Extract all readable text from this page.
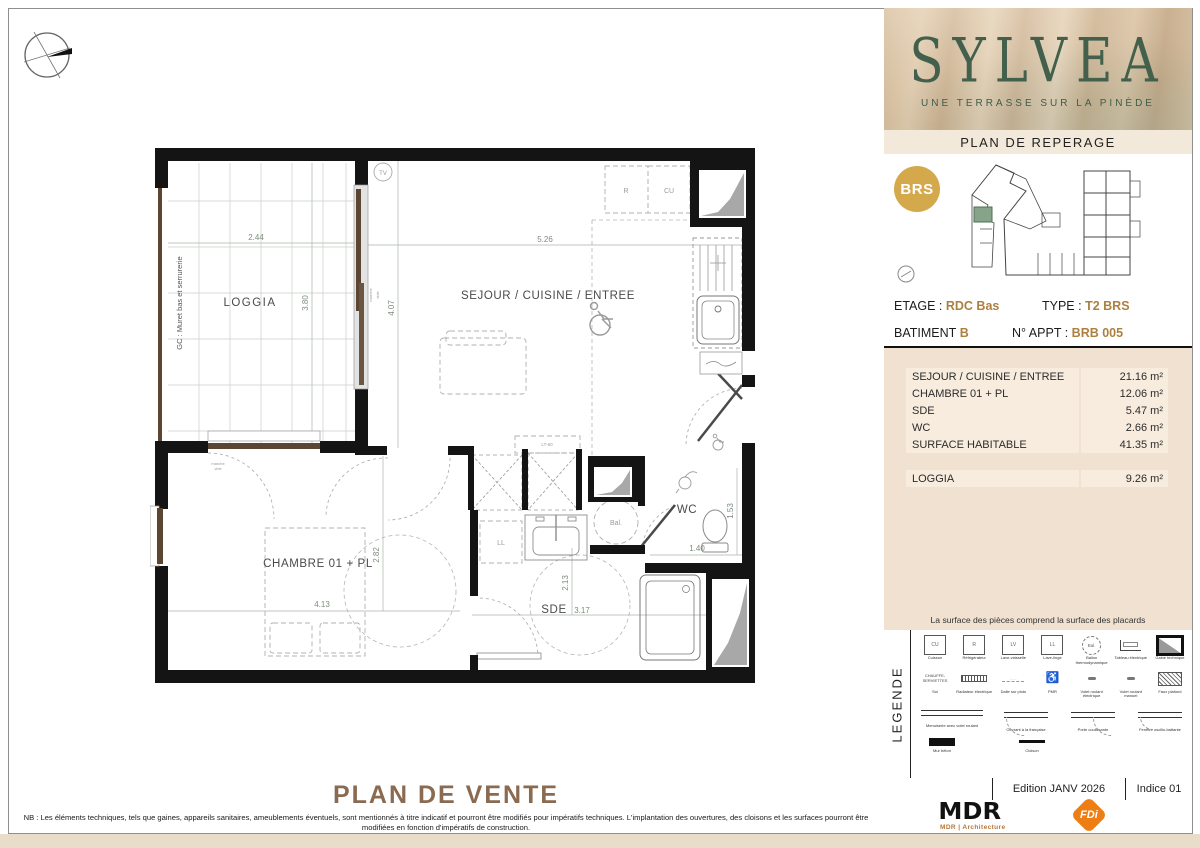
TV
LOGGIA
SEJOUR / CUISINE / ENTREE
CHAMBRE 01 + PL
SDE
WC
2.44
3.80
5.26
4.07
4.13
2.82
2.13
3.17
1.53
1.40
GC : Muret bas et serrurerie
R	CU
LL
Bal.
LT-60
marche vide
marche
vide
SYLVEA
UNE TERRASSE SUR LA PINÈDE
PLAN DE REPERAGE
BRS
ETAGE : RDC Bas	TYPE : T2 BRS
BATIMENT B	N° APPT : BRB 005
SEJOUR / CUISINE / ENTREE	21.16 m²
CHAMBRE 01 + PL	12.06 m²
SDE	5.47 m²
WC	2.66 m²
SURFACE HABITABLE	41.35 m²
LOGGIA	9.26 m²
La surface des pièces comprend la surface des placards
LEGENDE
CU
Cuisson
R
Réfrigérateur
LV
Lave-vaisselle
LL
Lave-linge
Bal.
Ballon thermodynamique
Tableau électrique Gaine technique
CHAUFFE-SERVIETTES
Sol	Radiateur électrique
- - -
Dalle sur plots
♿
PMR	Volet roulant électrique
Volet roulant manuel
Faux plafond
Menuiserie avec volet roulant
Ouvrant à la française	Porte coulissante	Fenêtre oscillo-battante
Mur béton	Cloison
Edition JANV 2026	Indice 01
MDR
MDR | Architecture
FDi
PLAN DE VENTE
NB : Les éléments techniques, tels que gaines, appareils sanitaires, ameublements éventuels, sont mentionnés à titre indicatif et pourront être modifiés pour impératifs techniques. L'implantation des ouvertures, des cloisons et les surfaces pourront être modifiées en fonction d'impératifs de construction.
